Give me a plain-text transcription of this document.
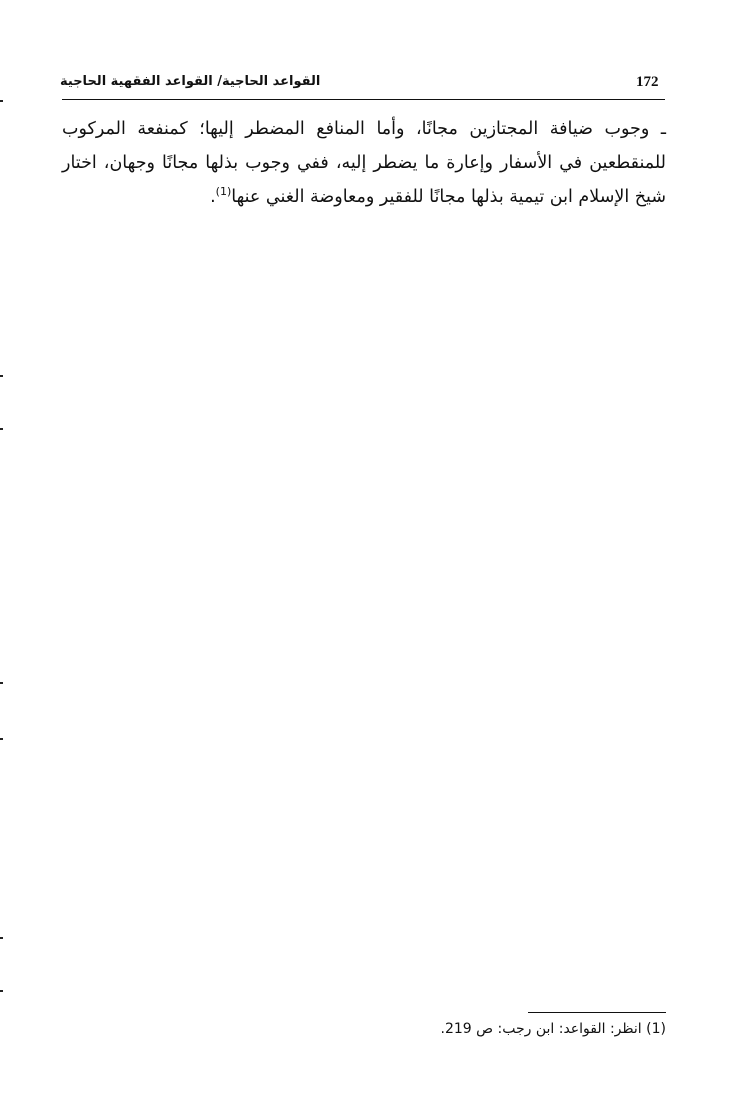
172
القواعد الحاجية/ القواعد الفقهية الحاجية

ـ وجوب ضيافة المجتازين مجانًا، وأما المنافع المضطر إليها؛ كمنفعة المركوب للمنقطعين في الأسفار وإعارة ما يضطر إليه، ففي وجوب بذلها مجانًا وجهان، اختار شيخ الإسلام ابن تيمية بذلها مجانًا للفقير ومعاوضة الغني عنها$^{(1)}$.

(1) انظر: القواعد: ابن رجب: ص 219.
